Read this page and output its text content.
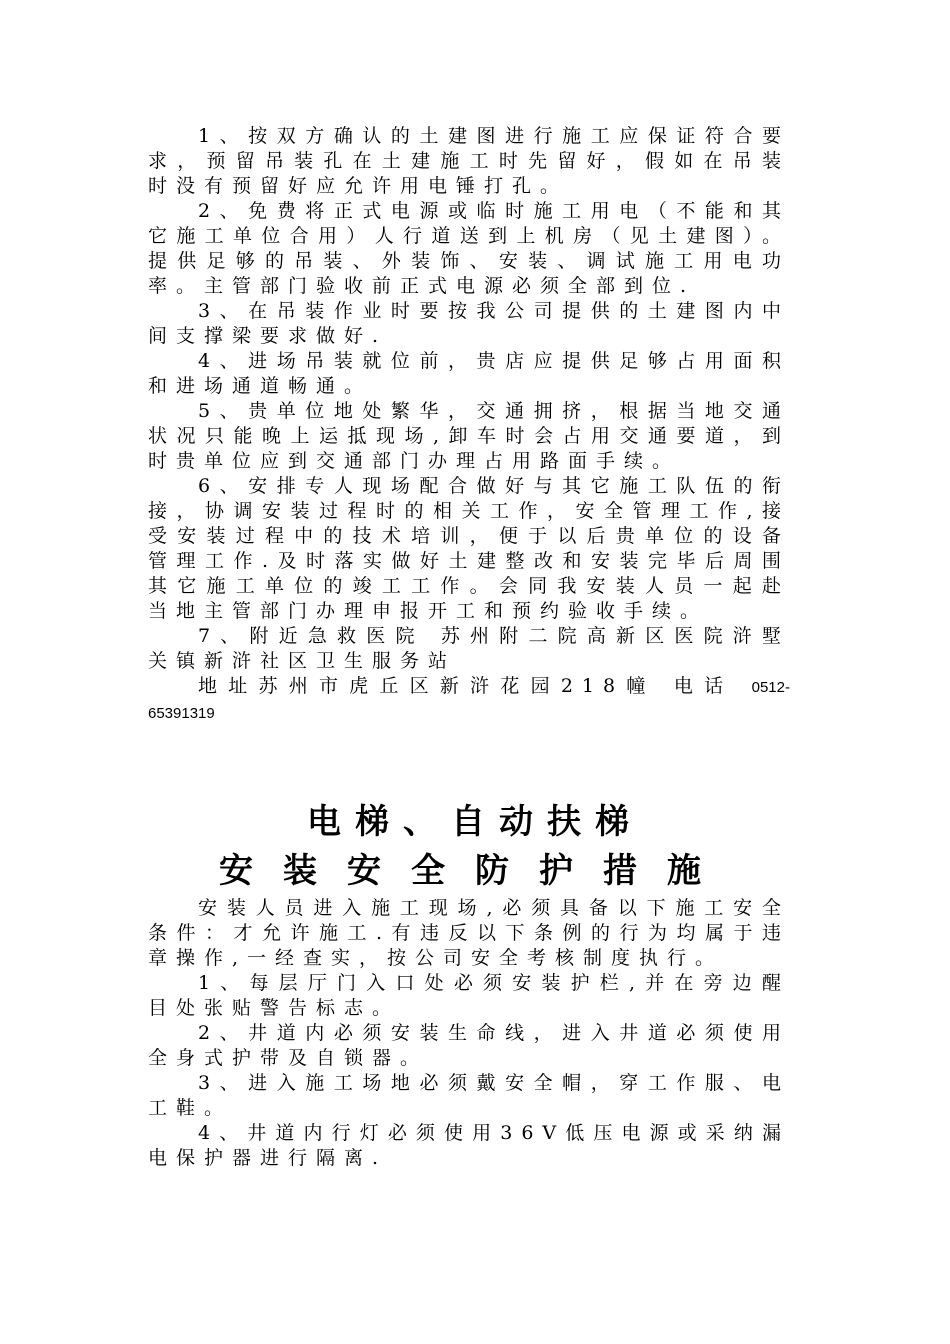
1、按双方确认的土建图进行施工应保证符合要求，预留吊装孔在土建施工时先留好，假如在吊装时没有预留好应允许用电锤打孔。

2、免费将正式电源或临时施工用电（不能和其它施工单位合用）人行道送到上机房（见土建图）。提供足够的吊装、外装饰、安装、调试施工用电功率。主管部门验收前正式电源必须全部到位.

3、在吊装作业时要按我公司提供的土建图内中间支撑梁要求做好.

4、进场吊装就位前，贵店应提供足够占用面积和进场通道畅通。

5、贵单位地处繁华，交通拥挤，根据当地交通状况只能晚上运抵现场,卸车时会占用交通要道，到时贵单位应到交通部门办理占用路面手续。

6、安排专人现场配合做好与其它施工队伍的衔接，协调安装过程时的相关工作，安全管理工作,接受安装过程中的技术培训，便于以后贵单位的设备管理工作.及时落实做好土建整改和安装完毕后周围其它施工单位的竣工工作。会同我安装人员一起赴当地主管部门办理申报开工和预约验收手续。

7、附近急救医院 苏州附二院高新区医院浒墅关镇新浒社区卫生服务站

地址苏州市虎丘区新浒花园218幢 电话 0512-65391319

电梯、自动扶梯
安装安全防护措施

安装人员进入施工现场,必须具备以下施工安全条件：才允许施工.有违反以下条例的行为均属于违章操作,一经查实，按公司安全考核制度执行。

1、每层厅门入口处必须安装护栏,并在旁边醒目处张贴警告标志。

2、井道内必须安装生命线，进入井道必须使用全身式护带及自锁器。

3、进入施工场地必须戴安全帽，穿工作服、电工鞋。

4、井道内行灯必须使用36V低压电源或采纳漏电保护器进行隔离.
